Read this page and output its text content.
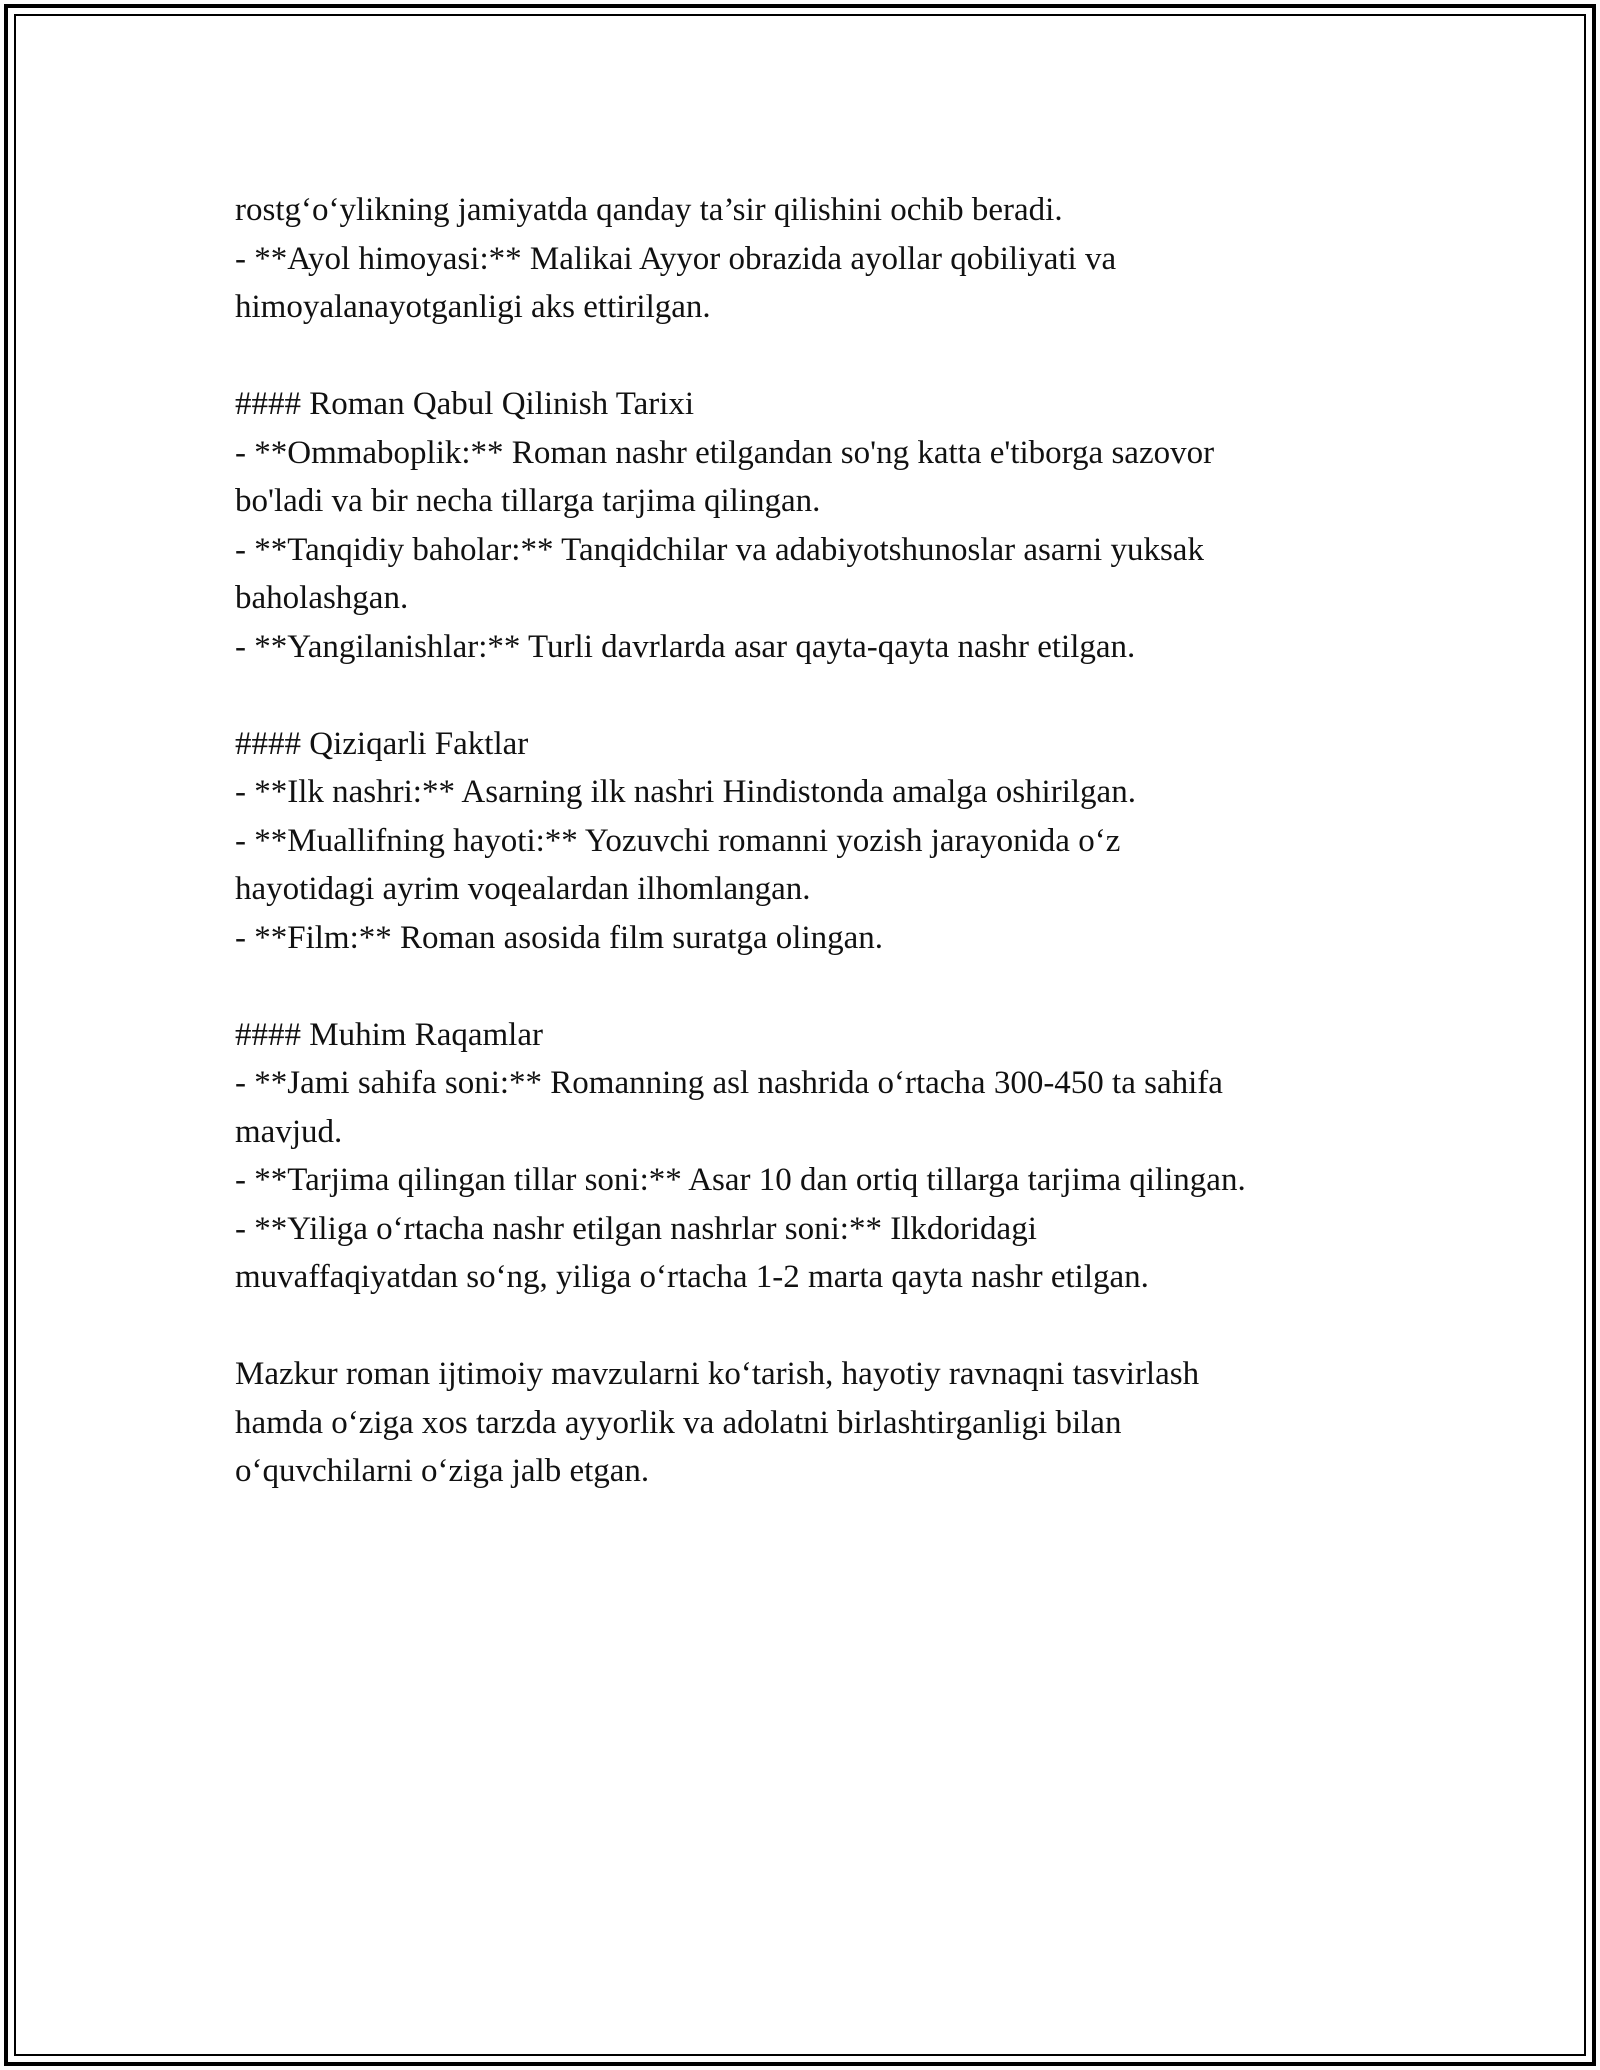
rostg‘o‘ylikning jamiyatda qanday ta’sir qilishini ochib beradi.
- **Ayol himoyasi:** Malikai Ayyor obrazida ayollar qobiliyati va
himoyalanayotganligi aks ettirilgan.
#### Roman Qabul Qilinish Tarixi
- **Ommaboplik:** Roman nashr etilgandan so'ng katta e'tiborga sazovor
bo'ladi va bir necha tillarga tarjima qilingan.
- **Tanqidiy baholar:** Tanqidchilar va adabiyotshunoslar asarni yuksak
baholashgan.
- **Yangilanishlar:** Turli davrlarda asar qayta-qayta nashr etilgan.
#### Qiziqarli Faktlar
- **Ilk nashri:** Asarning ilk nashri Hindistonda amalga oshirilgan.
- **Muallifning hayoti:** Yozuvchi romanni yozish jarayonida o‘z
hayotidagi ayrim voqealardan ilhomlangan.
- **Film:** Roman asosida film suratga olingan.
#### Muhim Raqamlar
- **Jami sahifa soni:** Romanning asl nashrida o‘rtacha 300-450 ta sahifa
mavjud.
- **Tarjima qilingan tillar soni:** Asar 10 dan ortiq tillarga tarjima qilingan.
- **Yiliga o‘rtacha nashr etilgan nashrlar soni:** Ilkdoridagi
muvaffaqiyatdan so‘ng, yiliga o‘rtacha 1-2 marta qayta nashr etilgan.
Mazkur roman ijtimoiy mavzularni ko‘tarish, hayotiy ravnaqni tasvirlash
hamda o‘ziga xos tarzda ayyorlik va adolatni birlashtirganligi bilan
o‘quvchilarni o‘ziga jalb etgan.
